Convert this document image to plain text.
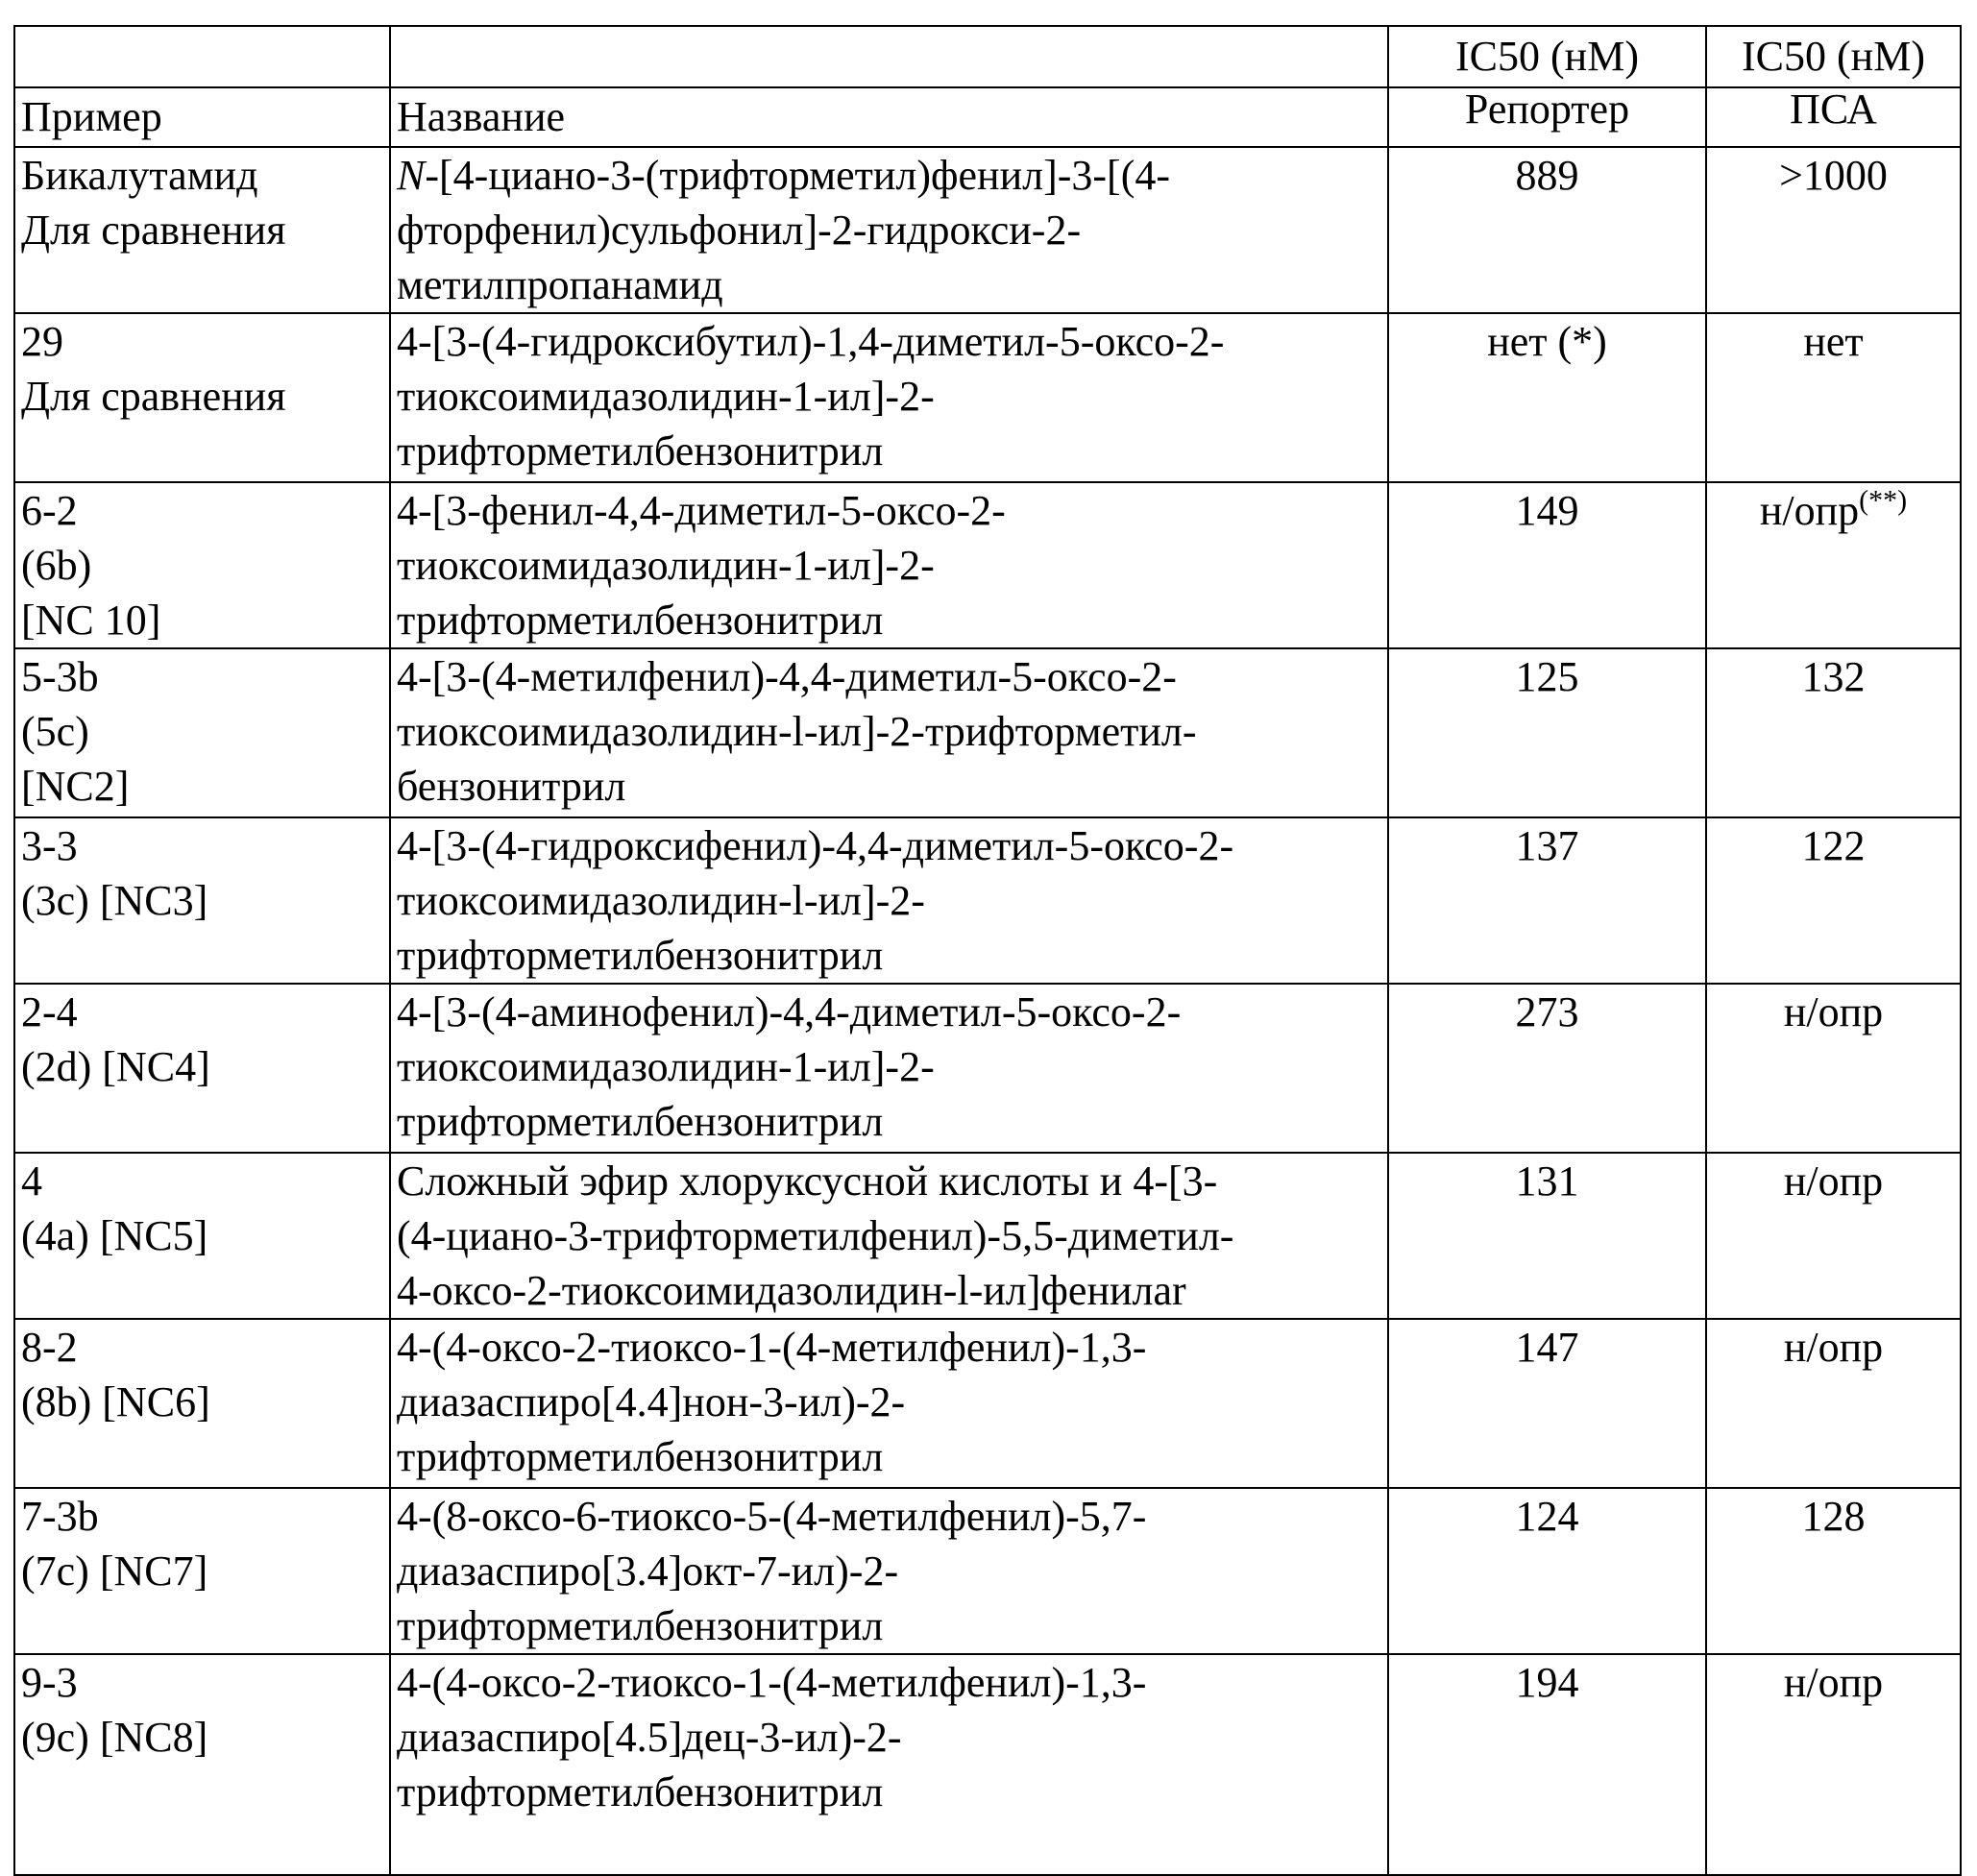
		IC50 (нМ)	IC50 (нМ)
Пример	Название	Репортер	ПСА

Бикалутамид
Для сравнения	N-[4-циано-3-(трифторметил)фенил]-3-[(4-
фторфенил)сульфонил]-2-гидрокси-2-
метилпропанамид	889	>1000

29
Для сравнения	4-[3-(4-гидроксибутил)-1,4-диметил-5-оксо-2-
тиоксоимидазолидин-1-ил]-2-
трифторметилбензонитрил	нет (*)	нет

6-2
(6b)
[NC 10]	4-[3-фенил-4,4-диметил-5-оксо-2-
тиоксоимидазолидин-1-ил]-2-
трифторметилбензонитрил	149	н/опр(**)

5-3b
(5c)
[NC2]	4-[3-(4-метилфенил)-4,4-диметил-5-оксо-2-
тиоксоимидазолидин-l-ил]-2-трифторметил-
бензонитрил	125	132

3-3
(3c) [NC3]	4-[3-(4-гидроксифенил)-4,4-диметил-5-оксо-2-
тиоксоимидазолидин-l-ил]-2-
трифторметилбензонитрил	137	122

2-4
(2d) [NC4]	4-[3-(4-аминофенил)-4,4-диметил-5-оксо-2-
тиоксоимидазолидин-1-ил]-2-
трифторметилбензонитрил	273	н/опр

4
(4a) [NC5]	Сложный эфир хлоруксусной кислоты и 4-[3-
(4-циано-3-трифторметилфенил)-5,5-диметил-
4-оксо-2-тиоксоимидазолидин-l-ил]фенилаr	131	н/опр

8-2
(8b) [NC6]	4-(4-оксо-2-тиоксо-1-(4-метилфенил)-1,3-
диазаспиро[4.4]нон-3-ил)-2-
трифторметилбензонитрил	147	н/опр

7-3b
(7c) [NC7]	4-(8-оксо-6-тиоксо-5-(4-метилфенил)-5,7-
диазаспиро[3.4]окт-7-ил)-2-
трифторметилбензонитрил	124	128

9-3
(9c) [NC8]	4-(4-оксо-2-тиоксо-1-(4-метилфенил)-1,3-
диазаспиро[4.5]дец-3-ил)-2-
трифторметилбензонитрил	194	н/опр
